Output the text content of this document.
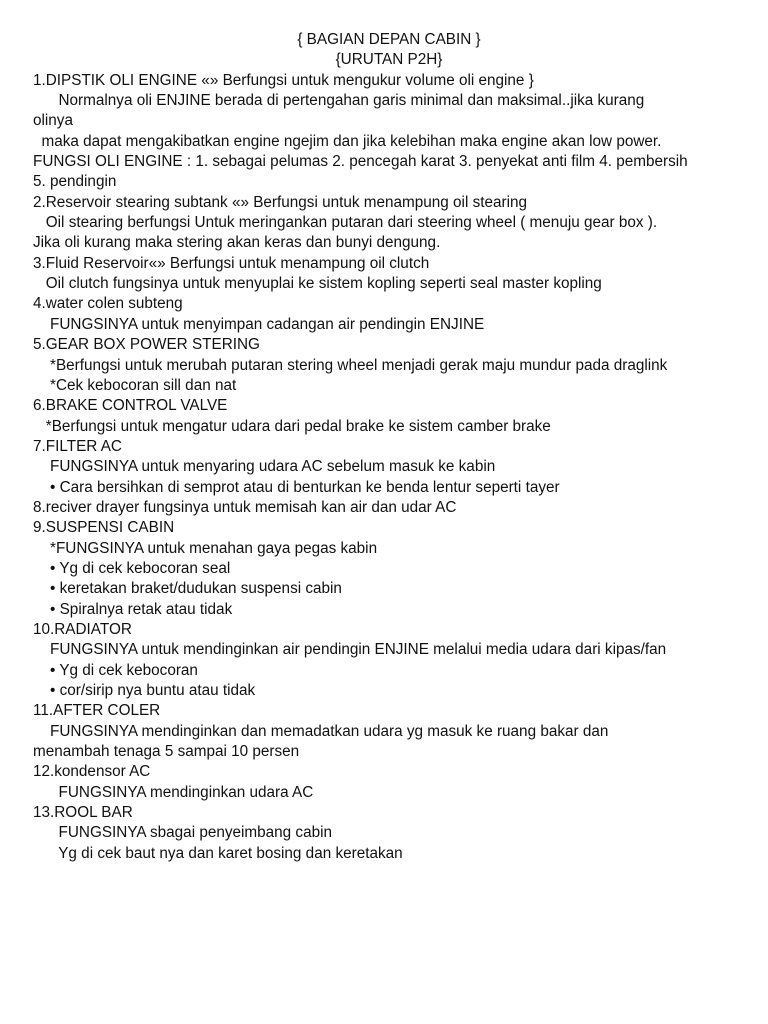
{ BAGIAN DEPAN CABIN }
{URUTAN P2H}
1.DIPSTIK OLI ENGINE «» Berfungsi untuk mengukur volume oli engine }
Normalnya oli ENJINE berada di pertengahan garis minimal dan maksimal..jika kurang
olinya
maka dapat mengakibatkan engine ngejim dan jika kelebihan maka engine akan low power.
FUNGSI OLI ENGINE : 1. sebagai pelumas 2. pencegah karat 3. penyekat anti film 4. pembersih
5. pendingin
2.Reservoir stearing subtank «» Berfungsi untuk menampung oil stearing
Oil stearing berfungsi Untuk meringankan putaran dari steering wheel ( menuju gear box ).
Jika oli kurang maka stering akan keras dan bunyi dengung.
3.Fluid Reservoir«» Berfungsi untuk menampung oil clutch
Oil clutch fungsinya untuk menyuplai ke sistem kopling seperti seal master kopling
4.water colen subteng
FUNGSINYA untuk menyimpan cadangan air pendingin ENJINE
5.GEAR BOX POWER STERING
*Berfungsi untuk merubah putaran stering wheel menjadi gerak maju mundur pada draglink
*Cek kebocoran sill dan nat
6.BRAKE CONTROL VALVE
*Berfungsi untuk mengatur udara dari pedal brake ke sistem camber brake
7.FILTER AC
FUNGSINYA untuk menyaring udara AC sebelum masuk ke kabin
• Cara bersihkan di semprot atau di benturkan ke benda lentur seperti tayer
8.reciver drayer fungsinya untuk memisah kan air dan udar AC
9.SUSPENSI CABIN
*FUNGSINYA untuk menahan gaya pegas kabin
• Yg di cek kebocoran seal
• keretakan braket/dudukan suspensi cabin
• Spiralnya retak atau tidak
10.RADIATOR
FUNGSINYA untuk mendinginkan air pendingin ENJINE melalui media udara dari kipas/fan
• Yg di cek kebocoran
• cor/sirip nya buntu atau tidak
11.AFTER COLER
FUNGSINYA mendinginkan dan memadatkan udara yg masuk ke ruang bakar dan
menambah tenaga 5 sampai 10 persen
12.kondensor AC
FUNGSINYA mendinginkan udara AC
13.ROOL BAR
FUNGSINYA sbagai penyeimbang cabin
Yg di cek baut nya dan karet bosing dan keretakan
